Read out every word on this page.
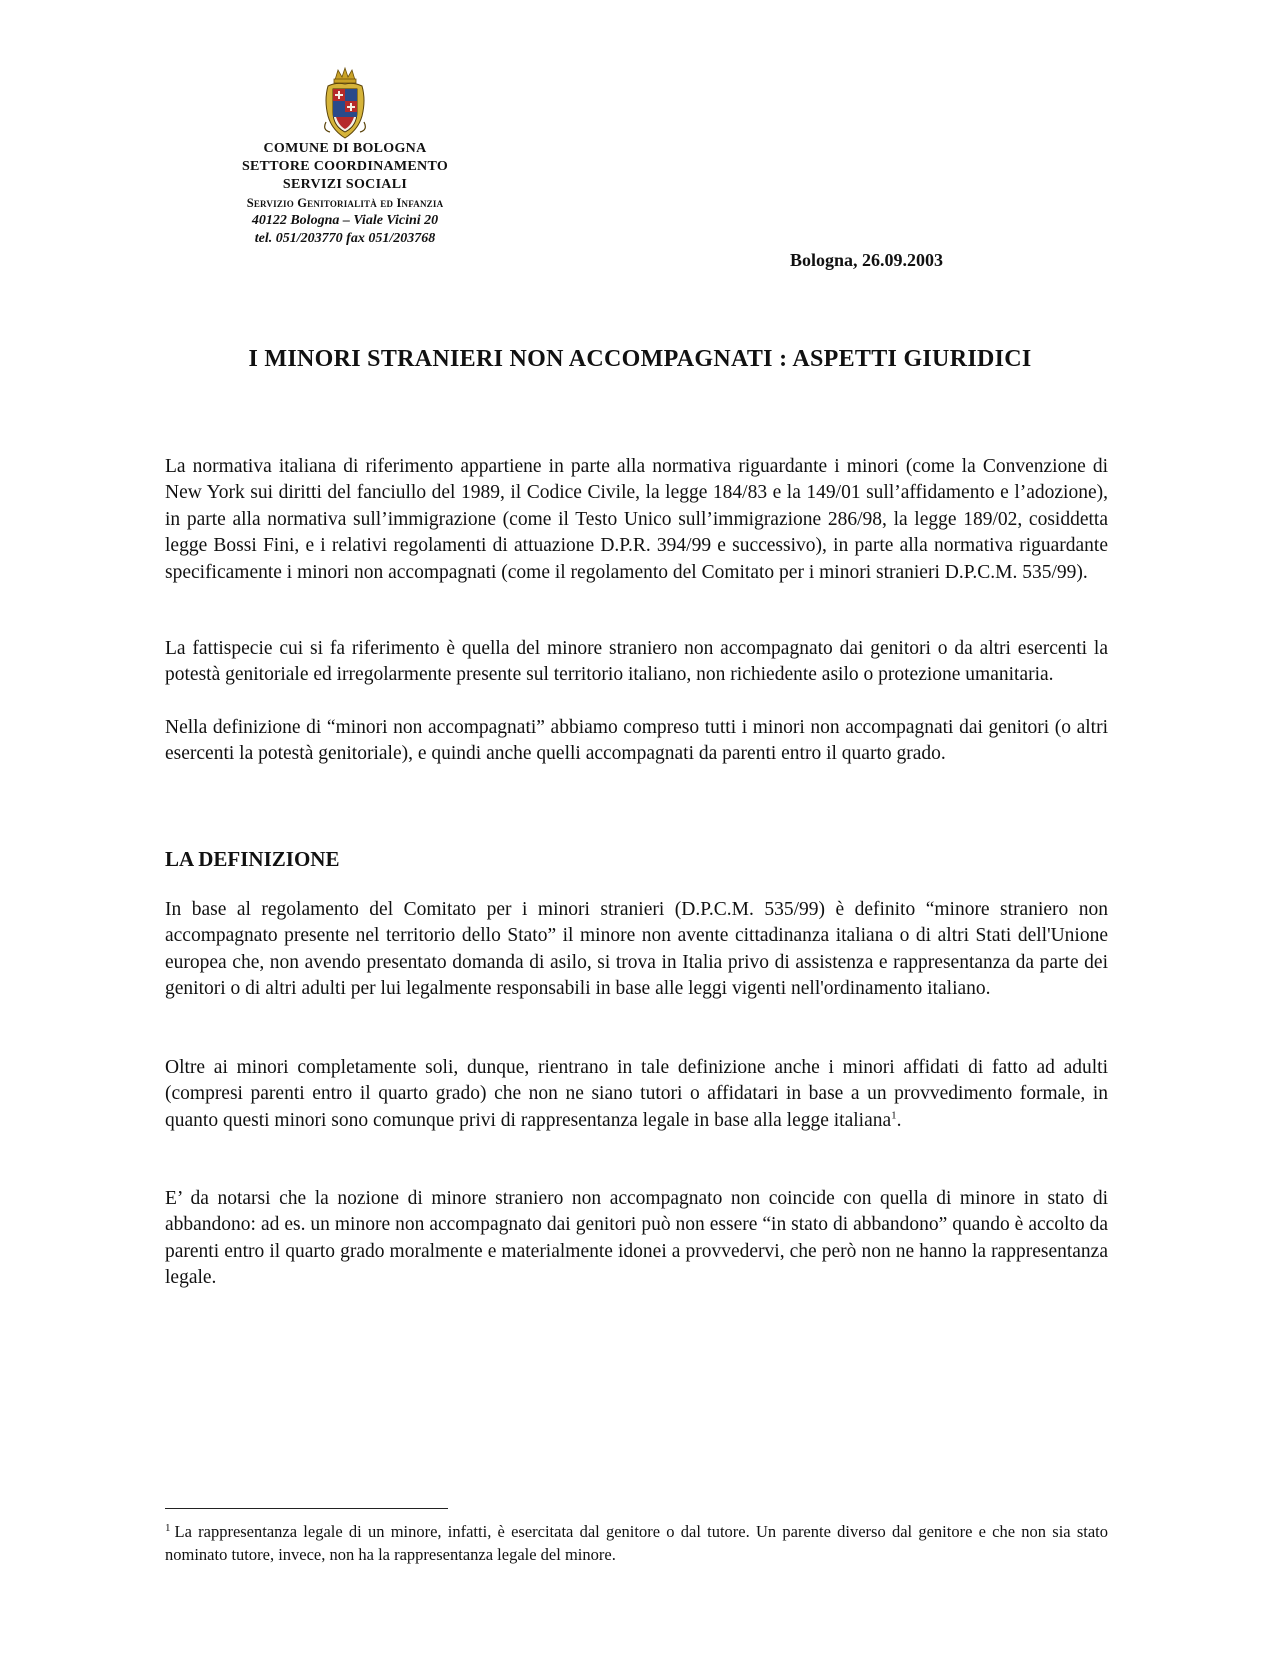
COMUNE DI BOLOGNA
SETTORE COORDINAMENTO
SERVIZI SOCIALI
Servizio Genitorialità ed Infanzia
40122 Bologna – Viale Vicini 20
tel. 051/203770 fax 051/203768
Bologna, 26.09.2003
I MINORI STRANIERI NON ACCOMPAGNATI : ASPETTI GIURIDICI

La normativa italiana di riferimento appartiene in parte alla normativa riguardante i minori (come la Convenzione di New York sui diritti del fanciullo del 1989, il Codice Civile, la legge 184/83 e la 149/01 sull’affidamento e l’adozione), in parte alla normativa sull’immigrazione (come il Testo Unico sull’immigrazione 286/98, la legge 189/02, cosiddetta legge Bossi Fini, e i relativi regolamenti di attuazione D.P.R. 394/99 e successivo), in parte alla normativa riguardante specificamente i minori non accompagnati (come il regolamento del Comitato per i minori stranieri D.P.C.M. 535/99).

La fattispecie cui si fa riferimento è quella del minore straniero non accompagnato dai genitori o da altri esercenti la potestà genitoriale ed irregolarmente presente sul territorio italiano, non richiedente asilo o protezione umanitaria.

Nella definizione di “minori non accompagnati” abbiamo compreso tutti i minori non accompagnati dai genitori (o altri esercenti la potestà genitoriale), e quindi anche quelli accompagnati da parenti entro il quarto grado.

LA DEFINIZIONE

In base al regolamento del Comitato per i minori stranieri (D.P.C.M. 535/99) è definito “minore straniero non accompagnato presente nel territorio dello Stato” il minore non avente cittadinanza italiana o di altri Stati dell'Unione europea che, non avendo presentato domanda di asilo, si trova in Italia privo di assistenza e rappresentanza da parte dei genitori o di altri adulti per lui legalmente responsabili in base alle leggi vigenti nell'ordinamento italiano.

Oltre ai minori completamente soli, dunque, rientrano in tale definizione anche i minori affidati di fatto ad adulti (compresi parenti entro il quarto grado) che non ne siano tutori o affidatari in base a un provvedimento formale, in quanto questi minori sono comunque privi di rappresentanza legale in base alla legge italiana$^1$.

E’ da notarsi che la nozione di minore straniero non accompagnato non coincide con quella di minore in stato di abbandono: ad es. un minore non accompagnato dai genitori può non essere “in stato di abbandono” quando è accolto da parenti entro il quarto grado moralmente e materialmente idonei a provvedervi, che però non ne hanno la rappresentanza legale.

$^1$ La rappresentanza legale di un minore, infatti, è esercitata dal genitore o dal tutore. Un parente diverso dal genitore e che non sia stato nominato tutore, invece, non ha la rappresentanza legale del minore.
